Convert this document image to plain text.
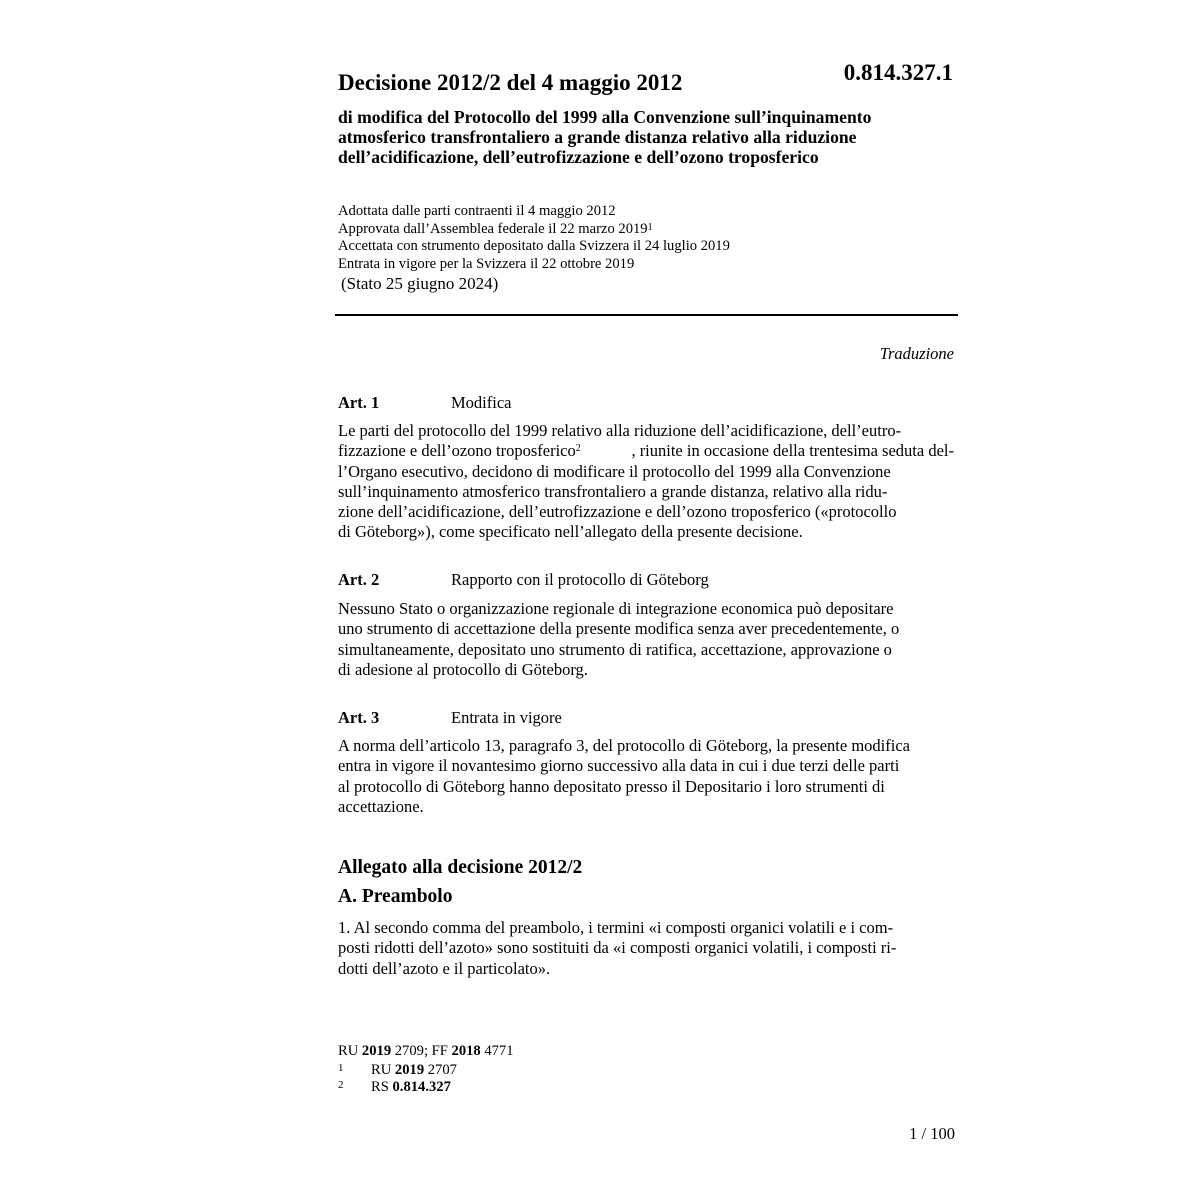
Decisione 2012/2 del 4 maggio 2012	0.814.327.1
di modifica del Protocollo del 1999 alla Convenzione sull’inquinamento
atmosferico transfrontaliero a grande distanza relativo alla riduzione
dell’acidificazione, dell’eutrofizzazione e dell’ozono troposferico
Adottata dalle parti contraenti il 4 maggio 2012
Approvata dall’Assemblea federale il 22 marzo 2019$^1$
Accettata con strumento depositato dalla Svizzera il 24 luglio 2019
Entrata in vigore per la Svizzera il 22 ottobre 2019
(Stato 25 giugno 2024)
Traduzione
Art. 1	Modifica
Le parti del protocollo del 1999 relativo alla riduzione dell’acidificazione, dell’eutro-
fizzazione e dell’ozono troposferico$^2$	, riunite in occasione della trentesima seduta del-
l’Organo esecutivo, decidono di modificare il protocollo del 1999 alla Convenzione
sull’inquinamento atmosferico transfrontaliero a grande distanza, relativo alla ridu-
zione dell’acidificazione, dell’eutrofizzazione e dell’ozono troposferico («protocollo
di Göteborg»), come specificato nell’allegato della presente decisione.
Art. 2	Rapporto con il protocollo di Göteborg
Nessuno Stato o organizzazione regionale di integrazione economica può depositare
uno strumento di accettazione della presente modifica senza aver precedentemente, o
simultaneamente, depositato uno strumento di ratifica, accettazione, approvazione o
di adesione al protocollo di Göteborg.
Art. 3	Entrata in vigore
A norma dell’articolo 13, paragrafo 3, del protocollo di Göteborg, la presente modifica
entra in vigore il novantesimo giorno successivo alla data in cui i due terzi delle parti
al protocollo di Göteborg hanno depositato presso il Depositario i loro strumenti di
accettazione.
Allegato alla decisione 2012/2
A. Preambolo
1. Al secondo comma del preambolo, i termini «i composti organici volatili e i com-
posti ridotti dell’azoto» sono sostituiti da «i composti organici volatili, i composti ri-
dotti dell’azoto e il particolato».
RU 2019 2709; FF 2018 4771
1 RU 2019 2707
2 RS 0.814.327
1 / 100
